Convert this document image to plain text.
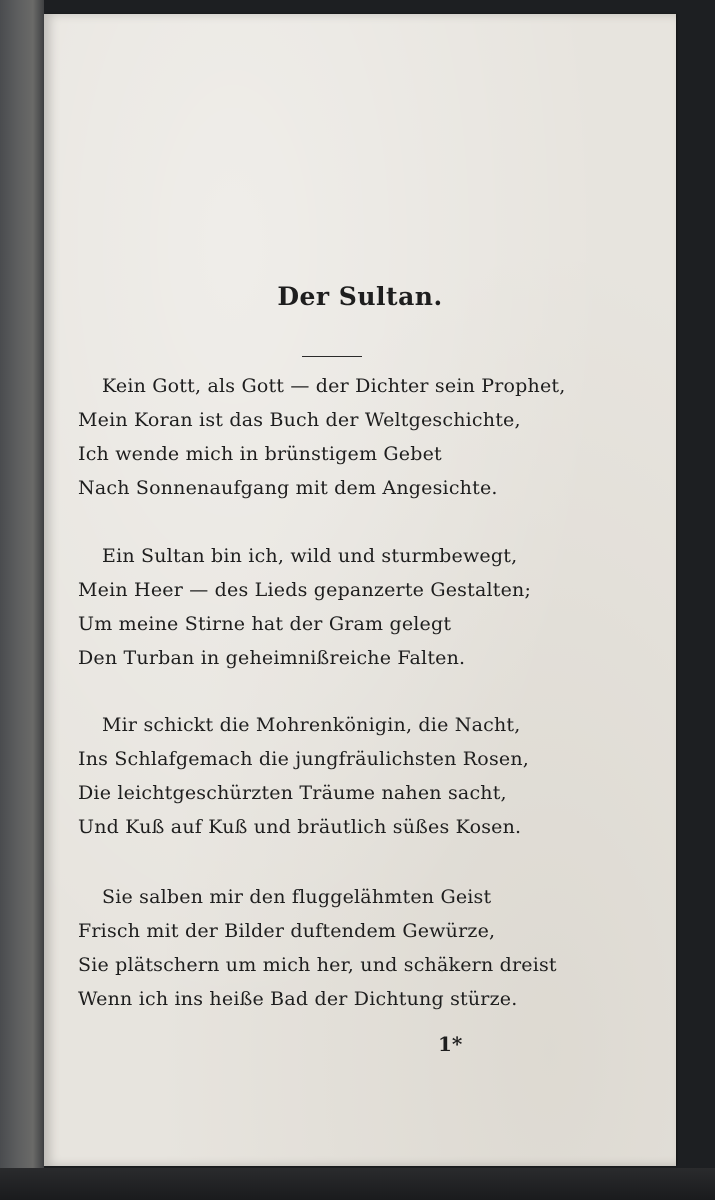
Der Sultan.
Kein Gott, als Gott — der Dichter sein Prophet,
Mein Koran ist das Buch der Weltgeschichte,
Ich wende mich in brünstigem Gebet
Nach Sonnenaufgang mit dem Angesichte.
Ein Sultan bin ich, wild und sturmbewegt,
Mein Heer — des Lieds gepanzerte Gestalten;
Um meine Stirne hat der Gram gelegt
Den Turban in geheimnißreiche Falten.
Mir schickt die Mohrenkönigin, die Nacht,
Ins Schlafgemach die jungfräulichsten Rosen,
Die leichtgeschürzten Träume nahen sacht,
Und Kuß auf Kuß und bräutlich süßes Kosen.
Sie salben mir den fluggelähmten Geist
Frisch mit der Bilder duftendem Gewürze,
Sie plätschern um mich her, und schäkern dreist
Wenn ich ins heiße Bad der Dichtung stürze.
1*
